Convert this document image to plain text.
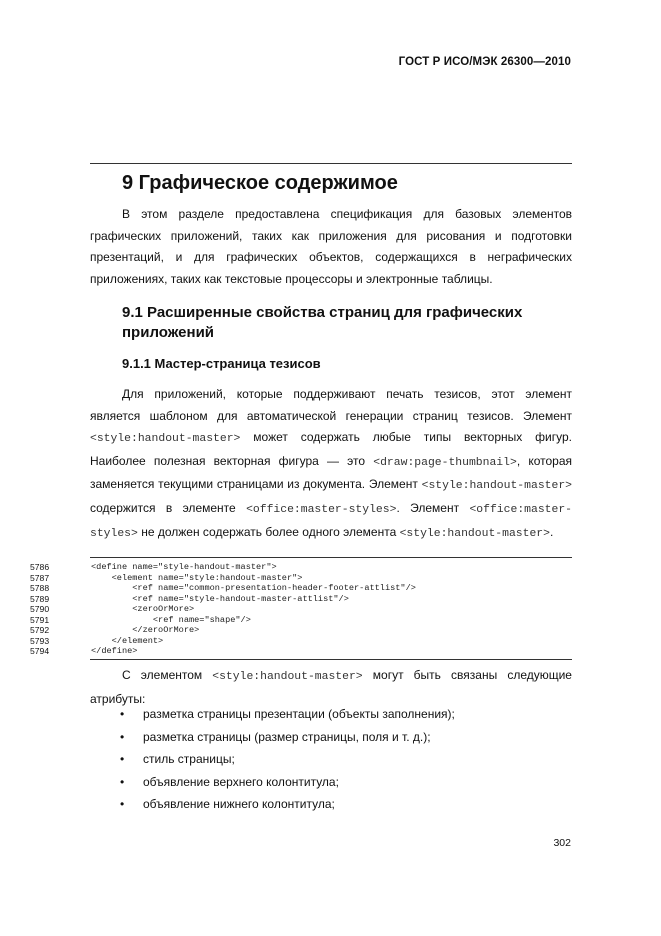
ГОСТ Р ИСО/МЭК 26300—2010
9 Графическое содержимое

В этом разделе предоставлена спецификация для базовых элементов графических приложений, таких как приложения для рисования и подготовки презентаций, и для графических объектов, содержащихся в неграфических приложениях, таких как текстовые процессоры и электронные таблицы.

9.1 Расширенные свойства страниц для графических приложений
9.1.1 Мастер-страница тезисов

Для приложений, которые поддерживают печать тезисов, этот элемент является шаблоном для автоматической генерации страниц тезисов. Элемент <style:handout-master> может содержать любые типы векторных фигур. Наиболее полезная векторная фигура — это <draw:page-thumbnail>, которая заменяется текущими страницами из документа. Элемент <style:handout-master> содержится в элементе <office:master-styles>. Элемент <office:master-styles> не должен содержать более одного элемента <style:handout-master>.

5786	<define name="style-handout-master">
5787	<element name="style:handout-master">
5788	<ref name="common-presentation-header-footer-attlist"/>
5789	<ref name="style-handout-master-attlist"/>
5790	<zeroOrMore>
5791	<ref name="shape"/>
5792	</zeroOrMore>
5793	</element>
5794	</define>

С элементом <style:handout-master> могут быть связаны следующие атрибуты:

• разметка страницы презентации (объекты заполнения);
• разметка страницы (размер страницы, поля и т. д.);
• стиль страницы;
• объявление верхнего колонтитула;
• объявление нижнего колонтитула;
302
